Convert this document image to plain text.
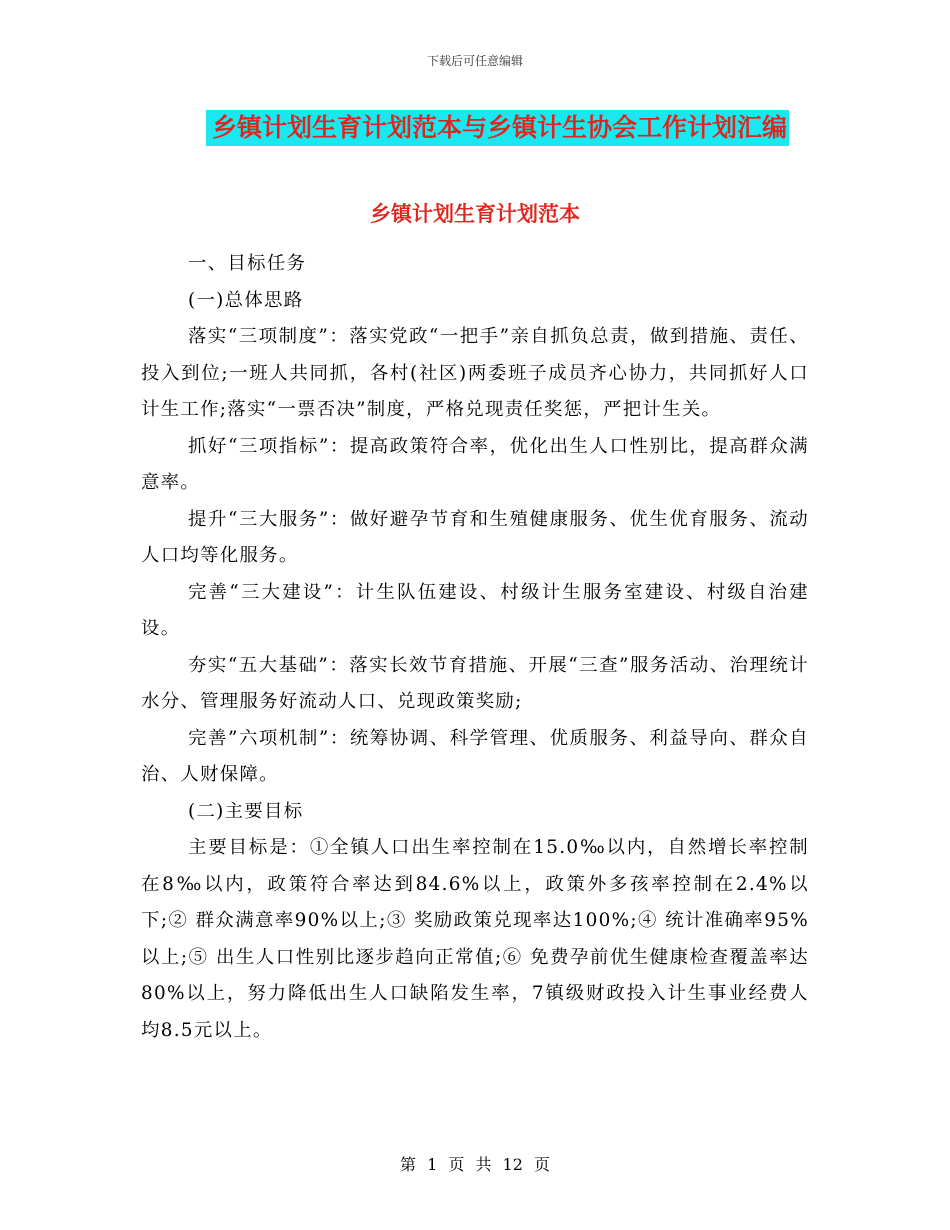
下载后可任意编辑
乡镇计划生育计划范本与乡镇计生协会工作计划汇编
乡镇计划生育计划范本

一、目标任务

(一)总体思路

落实“三项制度”：落实党政“一把手”亲自抓负总责，做到措施、责任、投入到位;一班人共同抓，各村(社区)两委班子成员齐心协力，共同抓好人口计生工作;落实“一票否决”制度，严格兑现责任奖惩，严把计生关。

抓好“三项指标”：提高政策符合率，优化出生人口性别比，提高群众满意率。

提升“三大服务”：做好避孕节育和生殖健康服务、优生优育服务、流动人口均等化服务。

完善“三大建设”：计生队伍建设、村级计生服务室建设、村级自治建设。

夯实“五大基础”：落实长效节育措施、开展“三查”服务活动、治理统计水分、管理服务好流动人口、兑现政策奖励;

完善”六项机制”：统筹协调、科学管理、优质服务、利益导向、群众自治、人财保障。

(二)主要目标

主要目标是：①全镇人口出生率控制在15.0‰以内，自然增长率控制在8‰以内，政策符合率达到84.6%以上，政策外多孩率控制在2.4%以下;② 群众满意率90%以上;③ 奖励政策兑现率达100%;④ 统计准确率95%以上;⑤ 出生人口性别比逐步趋向正常值;⑥ 免费孕前优生健康检查覆盖率达80%以上，努力降低出生人口缺陷发生率，7镇级财政投入计生事业经费人均8.5元以上。

第 1 页 共 12 页
